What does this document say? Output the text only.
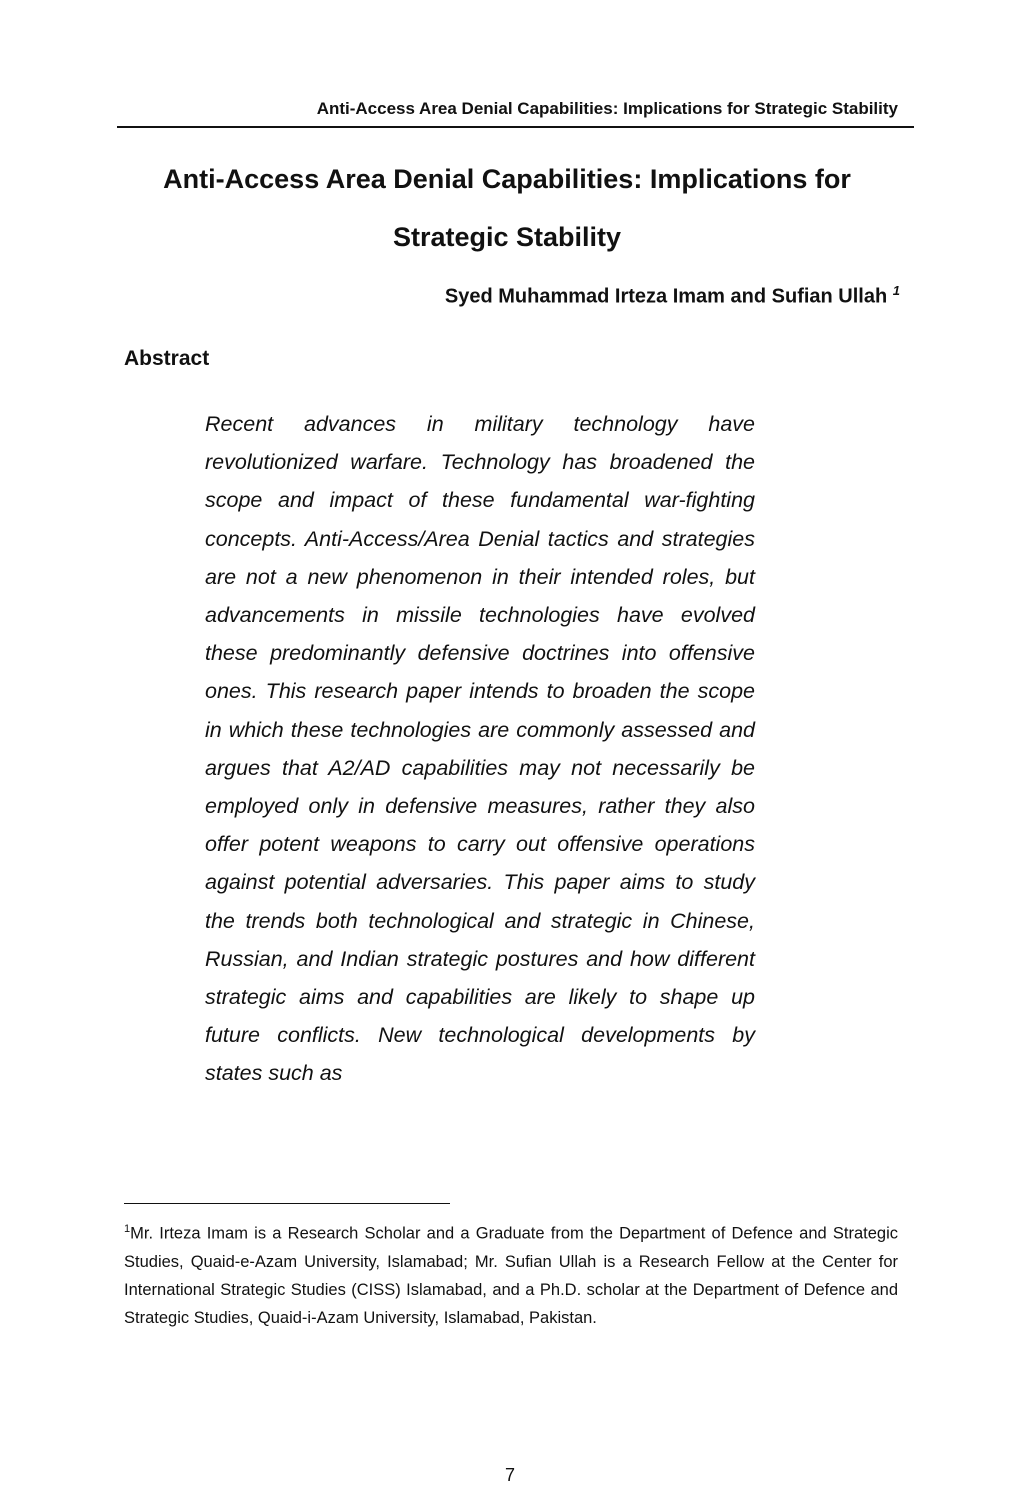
Anti-Access Area Denial Capabilities: Implications for Strategic Stability
Anti-Access Area Denial Capabilities: Implications for
Strategic Stability
Syed Muhammad Irteza Imam and Sufian Ullah $^1$
Abstract

Recent advances in military technology have revolutionized warfare. Technology has broadened the scope and impact of these fundamental war-fighting concepts. Anti-Access/Area Denial tactics and strategies are not a new phenomenon in their intended roles, but advancements in missile technologies have evolved these predominantly defensive doctrines into offensive ones. This research paper intends to broaden the scope in which these technologies are commonly assessed and argues that A2/AD capabilities may not necessarily be employed only in defensive measures, rather they also offer potent weapons to carry out offensive operations against potential adversaries. This paper aims to study the trends both technological and strategic in Chinese, Russian, and Indian strategic postures and how different strategic aims and capabilities are likely to shape up future conflicts. New technological developments by states such as

$^1$Mr. Irteza Imam is a Research Scholar and a Graduate from the Department of Defence and Strategic Studies, Quaid-e-Azam University, Islamabad; Mr. Sufian Ullah is a Research Fellow at the Center for International Strategic Studies (CISS) Islamabad, and a Ph.D. scholar at the Department of Defence and Strategic Studies, Quaid-i-Azam University, Islamabad, Pakistan.

7
